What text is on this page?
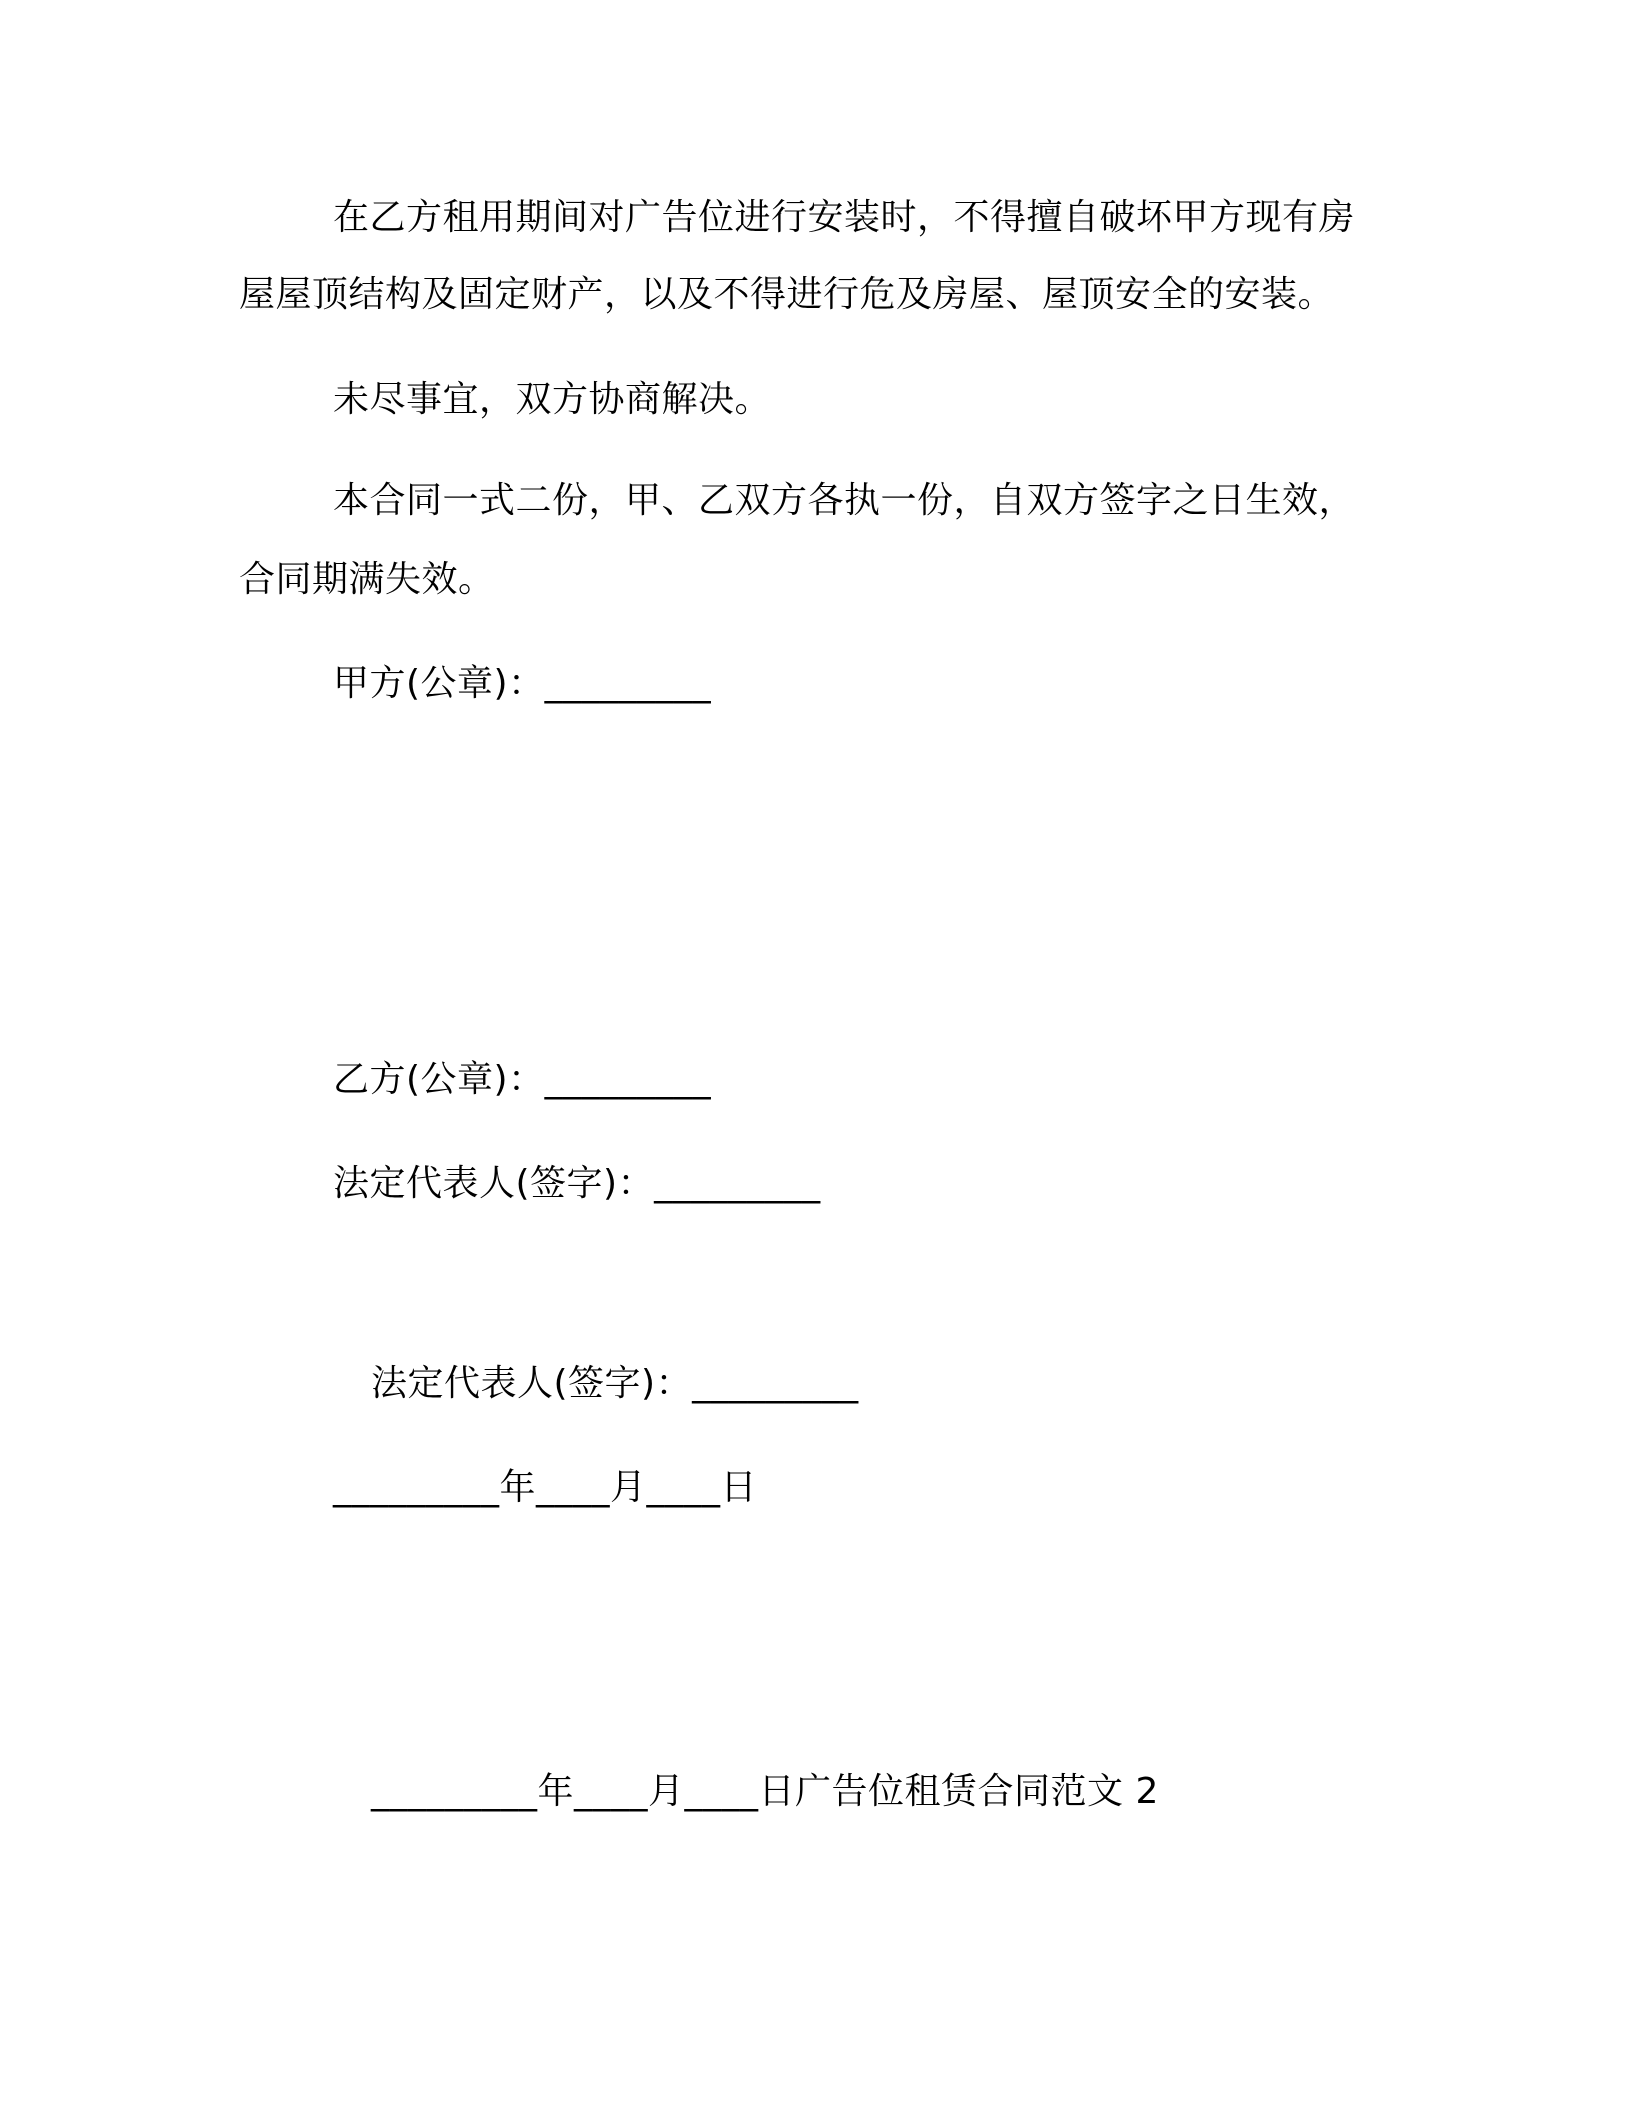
在乙方租用期间对广告位进行安装时，不得擅自破坏甲方现有房

屋屋顶结构及固定财产，以及不得进行危及房屋、屋顶安全的安装。

未尽事宜，双方协商解决。

本合同一式二份，甲、乙双方各执一份，自双方签字之日生效，

合同期满失效。

甲方(公章)：_________

乙方(公章)：_________

法定代表人(签字)：_________

法定代表人(签字)：_________

_________年____月____日

_________年____月____日广告位租赁合同范文 2
